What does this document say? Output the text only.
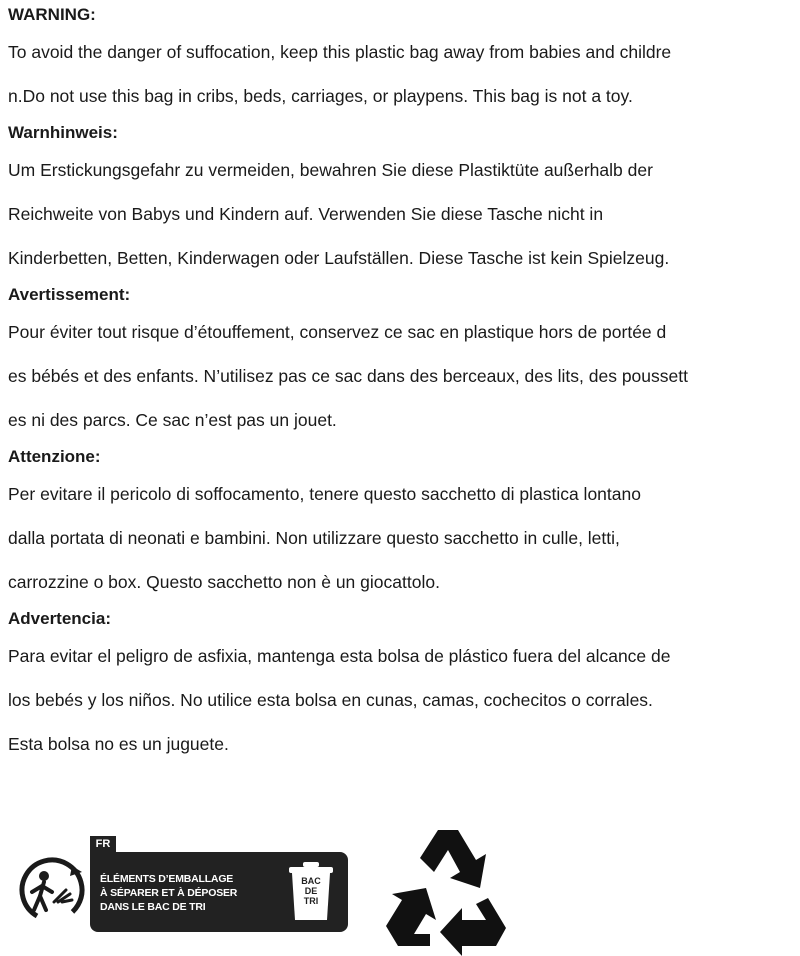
WARNING:
To avoid the danger of suffocation, keep this plastic bag away from babies and childre
n.Do not use this bag in cribs, beds, carriages, or playpens. This bag is not a toy.
Warnhinweis:
Um Erstickungsgefahr zu vermeiden, bewahren Sie diese Plastiktüte außerhalb der
Reichweite von Babys und Kindern auf. Verwenden Sie diese Tasche nicht in
Kinderbetten, Betten, Kinderwagen oder Laufställen. Diese Tasche ist kein Spielzeug.
Avertissement:
Pour éviter tout risque d’étouffement, conservez ce sac en plastique hors de portée d
es bébés et des enfants. N’utilisez pas ce sac dans des berceaux, des lits, des poussett
es ni des parcs. Ce sac n’est pas un jouet.
Attenzione:
Per evitare il pericolo di soffocamento, tenere questo sacchetto di plastica lontano
dalla portata di neonati e bambini. Non utilizzare questo sacchetto in culle, letti,
carrozzine o box. Questo sacchetto non è un giocattolo.
Advertencia:
Para evitar el peligro de asfixia, mantenga esta bolsa de plástico fuera del alcance de
los bebés y los niños. No utilice esta bolsa en cunas, camas, cochecitos o corrales.
Esta bolsa no es un juguete.
FR
ÉLÉMENTS D’EMBALLAGE
À SÉPARER ET À DÉPOSER
DANS LE BAC DE TRI
BAC
DE
TRI
